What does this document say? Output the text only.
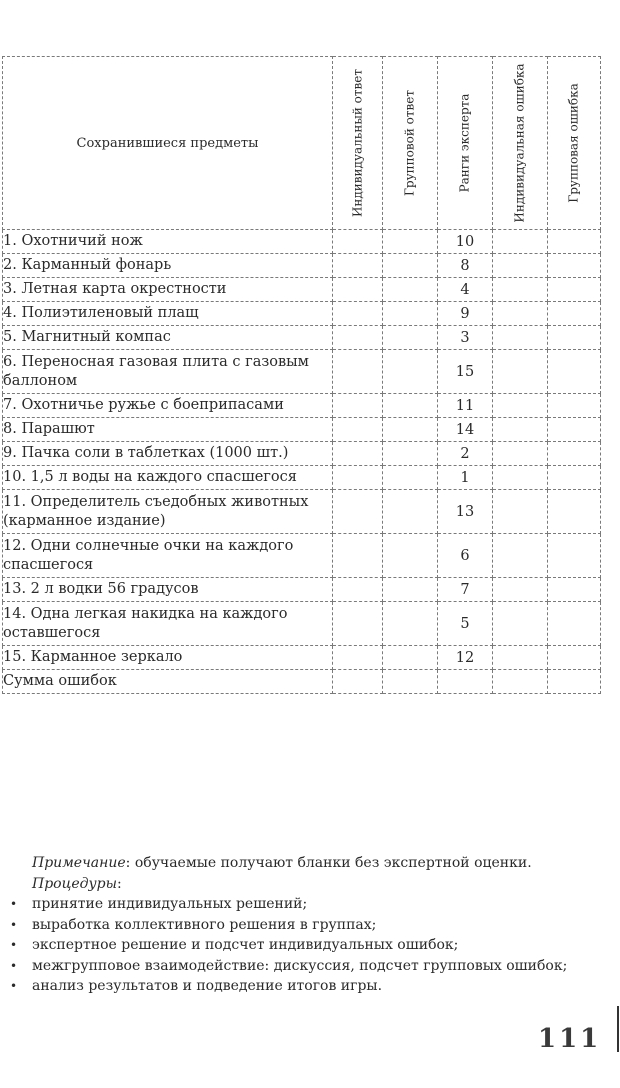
Сохранившиеся предметы	Индивидуальный ответ	Групповой ответ	Ранги эксперта	Индивидуальная ошибка	Групповая ошибка

1. Охотничий нож			10		
2. Карманный фонарь			8		
3. Летная карта окрестности			4		
4. Полиэтиленовый плащ			9		
5. Магнитный компас			3		
6. Переносная газовая плита с газовым баллоном			15		
7. Охотничье ружье с боеприпасами			11		
8. Парашют			14		
9. Пачка соли в таблетках (1000 шт.)			2		
10. 1,5 л воды на каждого спасшегося			1		
11. Определитель съедобных животных (карманное издание)			13		
12. Одни солнечные очки на каждого спасшегося			6		
13. 2 л водки 56 градусов			7		
14. Одна легкая накидка на каждого оставшегося			5		
15. Карманное зеркало			12		
Сумма ошибок					

Примечание: обучаемые получают бланки без экспертной оценки.

Процедуры:

• принятие индивидуальных решений;
• выработка коллективного решения в группах;
• экспертное решение и подсчет индивидуальных ошибок;
• межгрупповое взаимодействие: дискуссия, подсчет групповых ошибок;
• анализ результатов и подведение итогов игры.
111
